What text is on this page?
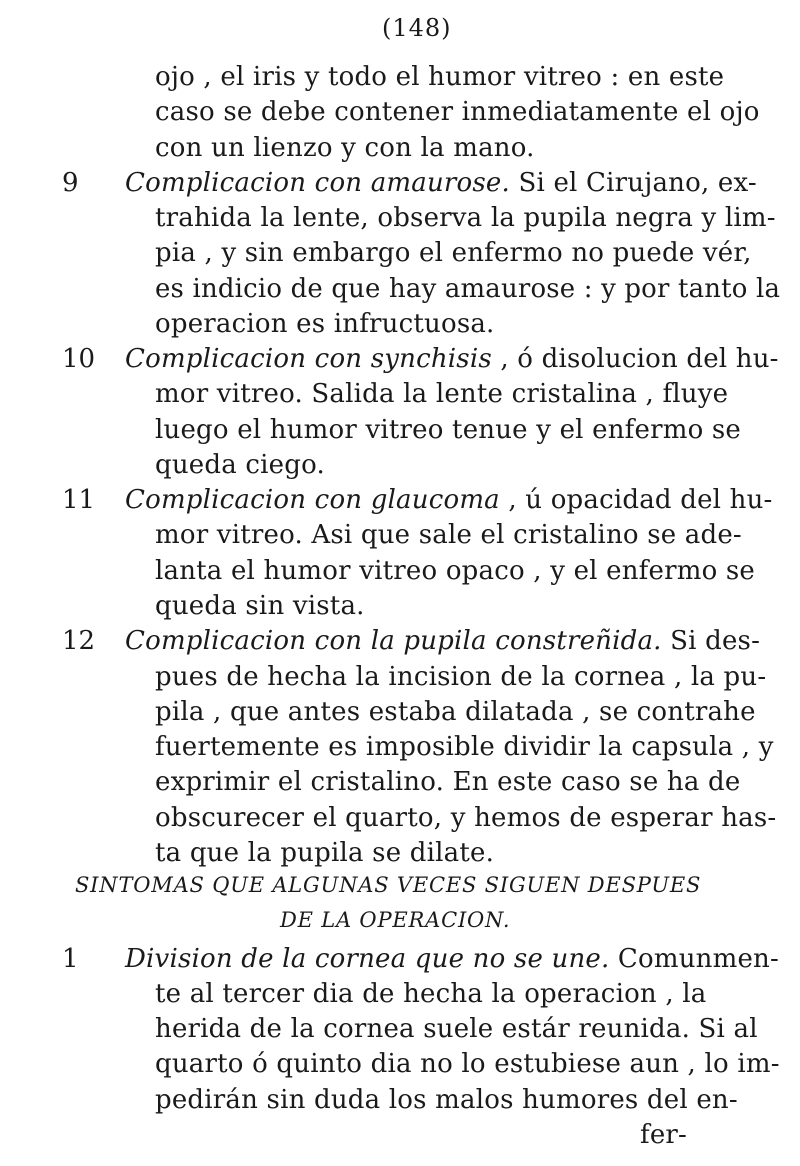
(148)
ojo , el iris y todo el humor vitreo : en este
caso se debe contener inmediatamente el ojo
con un lienzo y con la mano.
9 Complicacion con amaurose. Si el Cirujano, ex-
trahida la lente, observa la pupila negra y lim-
pia , y sin embargo el enfermo no puede vér,
es indicio de que hay amaurose : y por tanto la
operacion es infructuosa.
10 Complicacion con synchisis , ó disolucion del hu-
mor vitreo. Salida la lente cristalina , fluye
luego el humor vitreo tenue y el enfermo se
queda ciego.
11 Complicacion con glaucoma , ú opacidad del hu-
mor vitreo. Asi que sale el cristalino se ade-
lanta el humor vitreo opaco , y el enfermo se
queda sin vista.
12 Complicacion con la pupila constreñida. Si des-
pues de hecha la incision de la cornea , la pu-
pila , que antes estaba dilatada , se contrahe
fuertemente es imposible dividir la capsula , y
exprimir el cristalino. En este caso se ha de
obscurecer el quarto, y hemos de esperar has-
ta que la pupila se dilate.
SINTOMAS QUE ALGUNAS VECES SIGUEN DESPUES
DE LA OPERACION.
te al tercer dia de hecha la operacion , la
herida de la cornea suele estár reunida. Si al
quarto ó quinto dia no lo estubiese aun , lo im-
pedirán sin duda los malos humores del en-
1 Division de la cornea que no se une. Comunmen-
fer-
